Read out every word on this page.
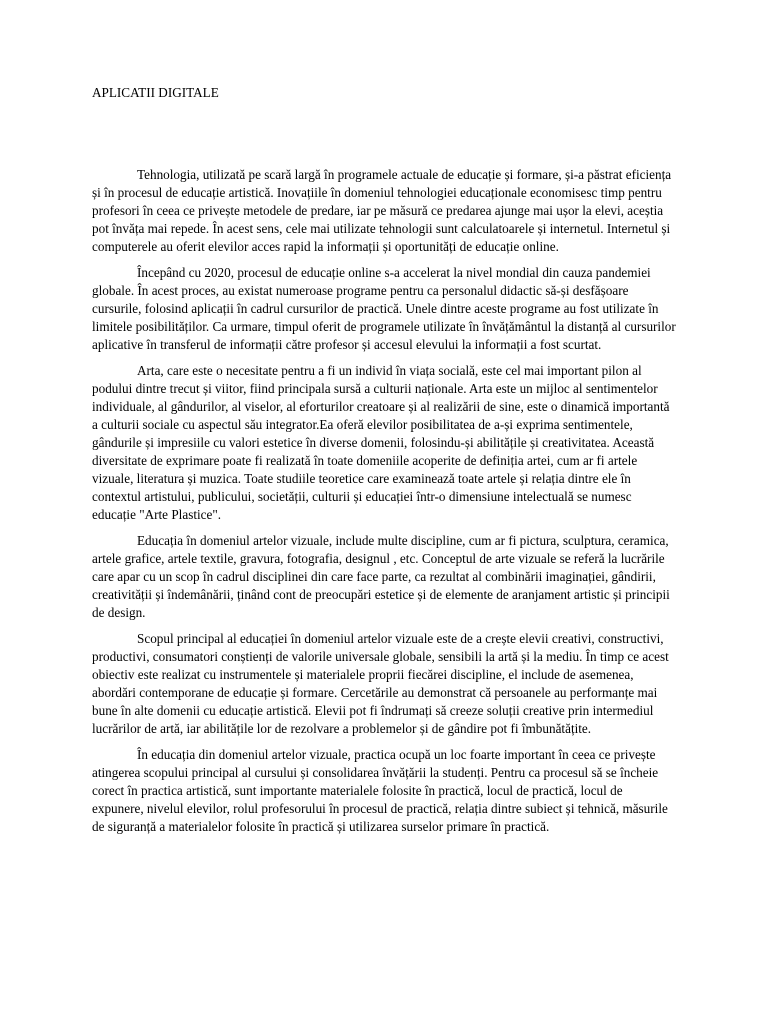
APLICATII DIGITALE

Tehnologia, utilizată pe scară largă în programele actuale de educație și formare, și-a păstrat eficiența și în procesul de educație artistică. Inovațiile în domeniul tehnologiei educaționale economisesc timp pentru profesori în ceea ce privește metodele de predare, iar pe măsură ce predarea ajunge mai ușor la elevi, aceștia pot învăța mai repede. În acest sens, cele mai utilizate tehnologii sunt calculatoarele și internetul. Internetul și computerele au oferit elevilor acces rapid la informații și oportunități de educație online.

Începând cu 2020, procesul de educație online s-a accelerat la nivel mondial din cauza pandemiei globale. În acest proces, au existat numeroase programe pentru ca personalul didactic să-și desfășoare cursurile, folosind aplicații în cadrul cursurilor de practică. Unele dintre aceste programe au fost utilizate în limitele posibilităților. Ca urmare, timpul oferit de programele utilizate în învățământul la distanță al cursurilor aplicative în transferul de informații către profesor și accesul elevului la informații a fost scurtat.

Arta, care este o necesitate pentru a fi un individ în viața socială, este cel mai important pilon al podului dintre trecut și viitor, fiind principala sursă a culturii naționale. Arta este un mijloc al sentimentelor individuale, al gândurilor, al viselor, al eforturilor creatoare și al realizării de sine, este o dinamică importantă a culturii sociale cu aspectul său integrator.Ea oferă elevilor posibilitatea de a-și exprima sentimentele, gândurile și impresiile cu valori estetice în diverse domenii, folosindu-și abilitățile și creativitatea. Această diversitate de exprimare poate fi realizată în toate domeniile acoperite de definiția artei, cum ar fi artele vizuale, literatura și muzica. Toate studiile teoretice care examinează toate artele și relația dintre ele în contextul artistului, publicului, societății, culturii și educației într-o dimensiune intelectuală se numesc educație "Arte Plastice".

Educația în domeniul artelor vizuale, include multe discipline, cum ar fi pictura, sculptura, ceramica, artele grafice, artele textile, gravura, fotografia, designul , etc. Conceptul de arte vizuale se referă la lucrările care apar cu un scop în cadrul disciplinei din care face parte, ca rezultat al combinării imaginației, gândirii, creativității și îndemânării, ținând cont de preocupări estetice și de elemente de aranjament artistic și principii de design.

Scopul principal al educației în domeniul artelor vizuale este de a crește elevii creativi, constructivi, productivi, consumatori conștienți de valorile universale globale, sensibili la artă și la mediu. În timp ce acest obiectiv este realizat cu instrumentele și materialele proprii fiecărei discipline, el include de asemenea, abordări contemporane de educație și formare. Cercetările au demonstrat că persoanele au performanțe mai bune în alte domenii cu educație artistică. Elevii pot fi îndrumați să creeze soluții creative prin intermediul lucrărilor de artă, iar abilitățile lor de rezolvare a problemelor și de gândire pot fi îmbunătățite.

În educația din domeniul artelor vizuale, practica ocupă un loc foarte important în ceea ce privește atingerea scopului principal al cursului și consolidarea învățării la studenți. Pentru ca procesul să se încheie corect în practica artistică, sunt importante materialele folosite în practică, locul de practică, locul de expunere, nivelul elevilor, rolul profesorului în procesul de practică, relația dintre subiect și tehnică, măsurile de siguranță a materialelor folosite în practică și utilizarea surselor primare în practică.
